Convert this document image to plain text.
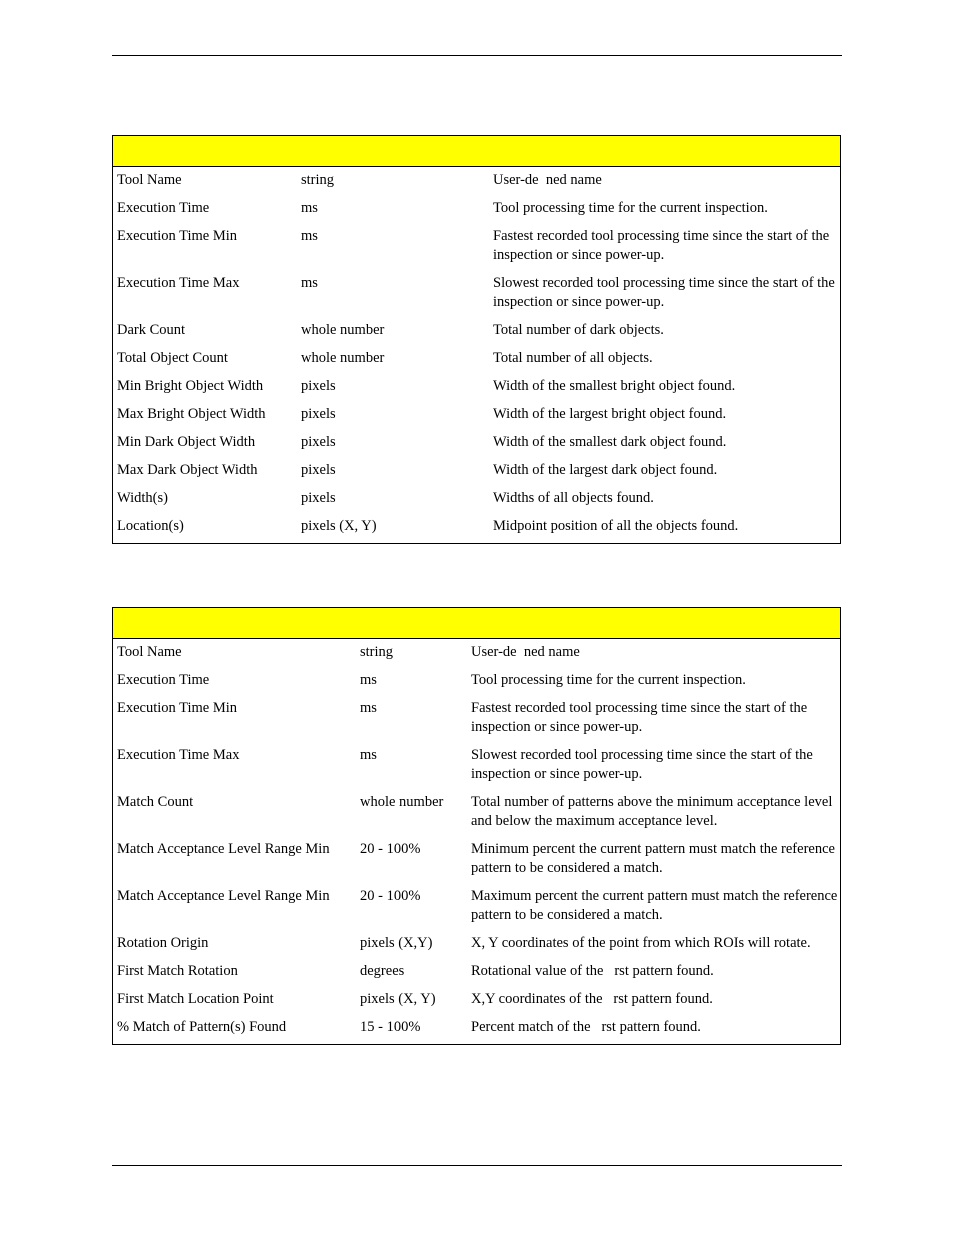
Tool Name	string	User-de  ned name
Execution Time	ms	Tool processing time for the current inspection.
Execution Time Min	ms	Fastest recorded tool processing time since the start of the inspection or since power-up.
Execution Time Max	ms	Slowest recorded tool processing time since the start of the inspection or since power-up.
Dark Count	whole number	Total number of dark objects.
Total Object Count	whole number	Total number of all objects.
Min Bright Object Width	pixels	Width of the smallest bright object found.
Max Bright Object Width	pixels	Width of the largest bright object found.
Min Dark Object Width	pixels	Width of the smallest dark object found.
Max Dark Object Width	pixels	Width of the largest dark object found.
Width(s)	pixels	Widths of all objects found.
Location(s)	pixels (X, Y)	Midpoint position of all the objects found.
Tool Name	string	User-de  ned name
Execution Time	ms	Tool processing time for the current inspection.
Execution Time Min	ms	Fastest recorded tool processing time since the start of the inspection or since power-up.
Execution Time Max	ms	Slowest recorded tool processing time since the start of the inspection or since power-up.
Match Count	whole number	Total number of patterns above the minimum acceptance level and below the maximum acceptance level.
Match Acceptance Level Range Min	20 - 100%	Minimum percent the current pattern must match the reference pattern to be considered a match.
Match Acceptance Level Range Min	20 - 100%	Maximum percent the current pattern must match the reference pattern to be considered a match.
Rotation Origin	pixels (X,Y)	X, Y coordinates of the point from which ROIs will rotate.
First Match Rotation	degrees	Rotational value of the   rst pattern found.
First Match Location Point	pixels (X, Y)	X,Y coordinates of the   rst pattern found.
% Match of Pattern(s) Found	15 - 100%	Percent match of the   rst pattern found.
